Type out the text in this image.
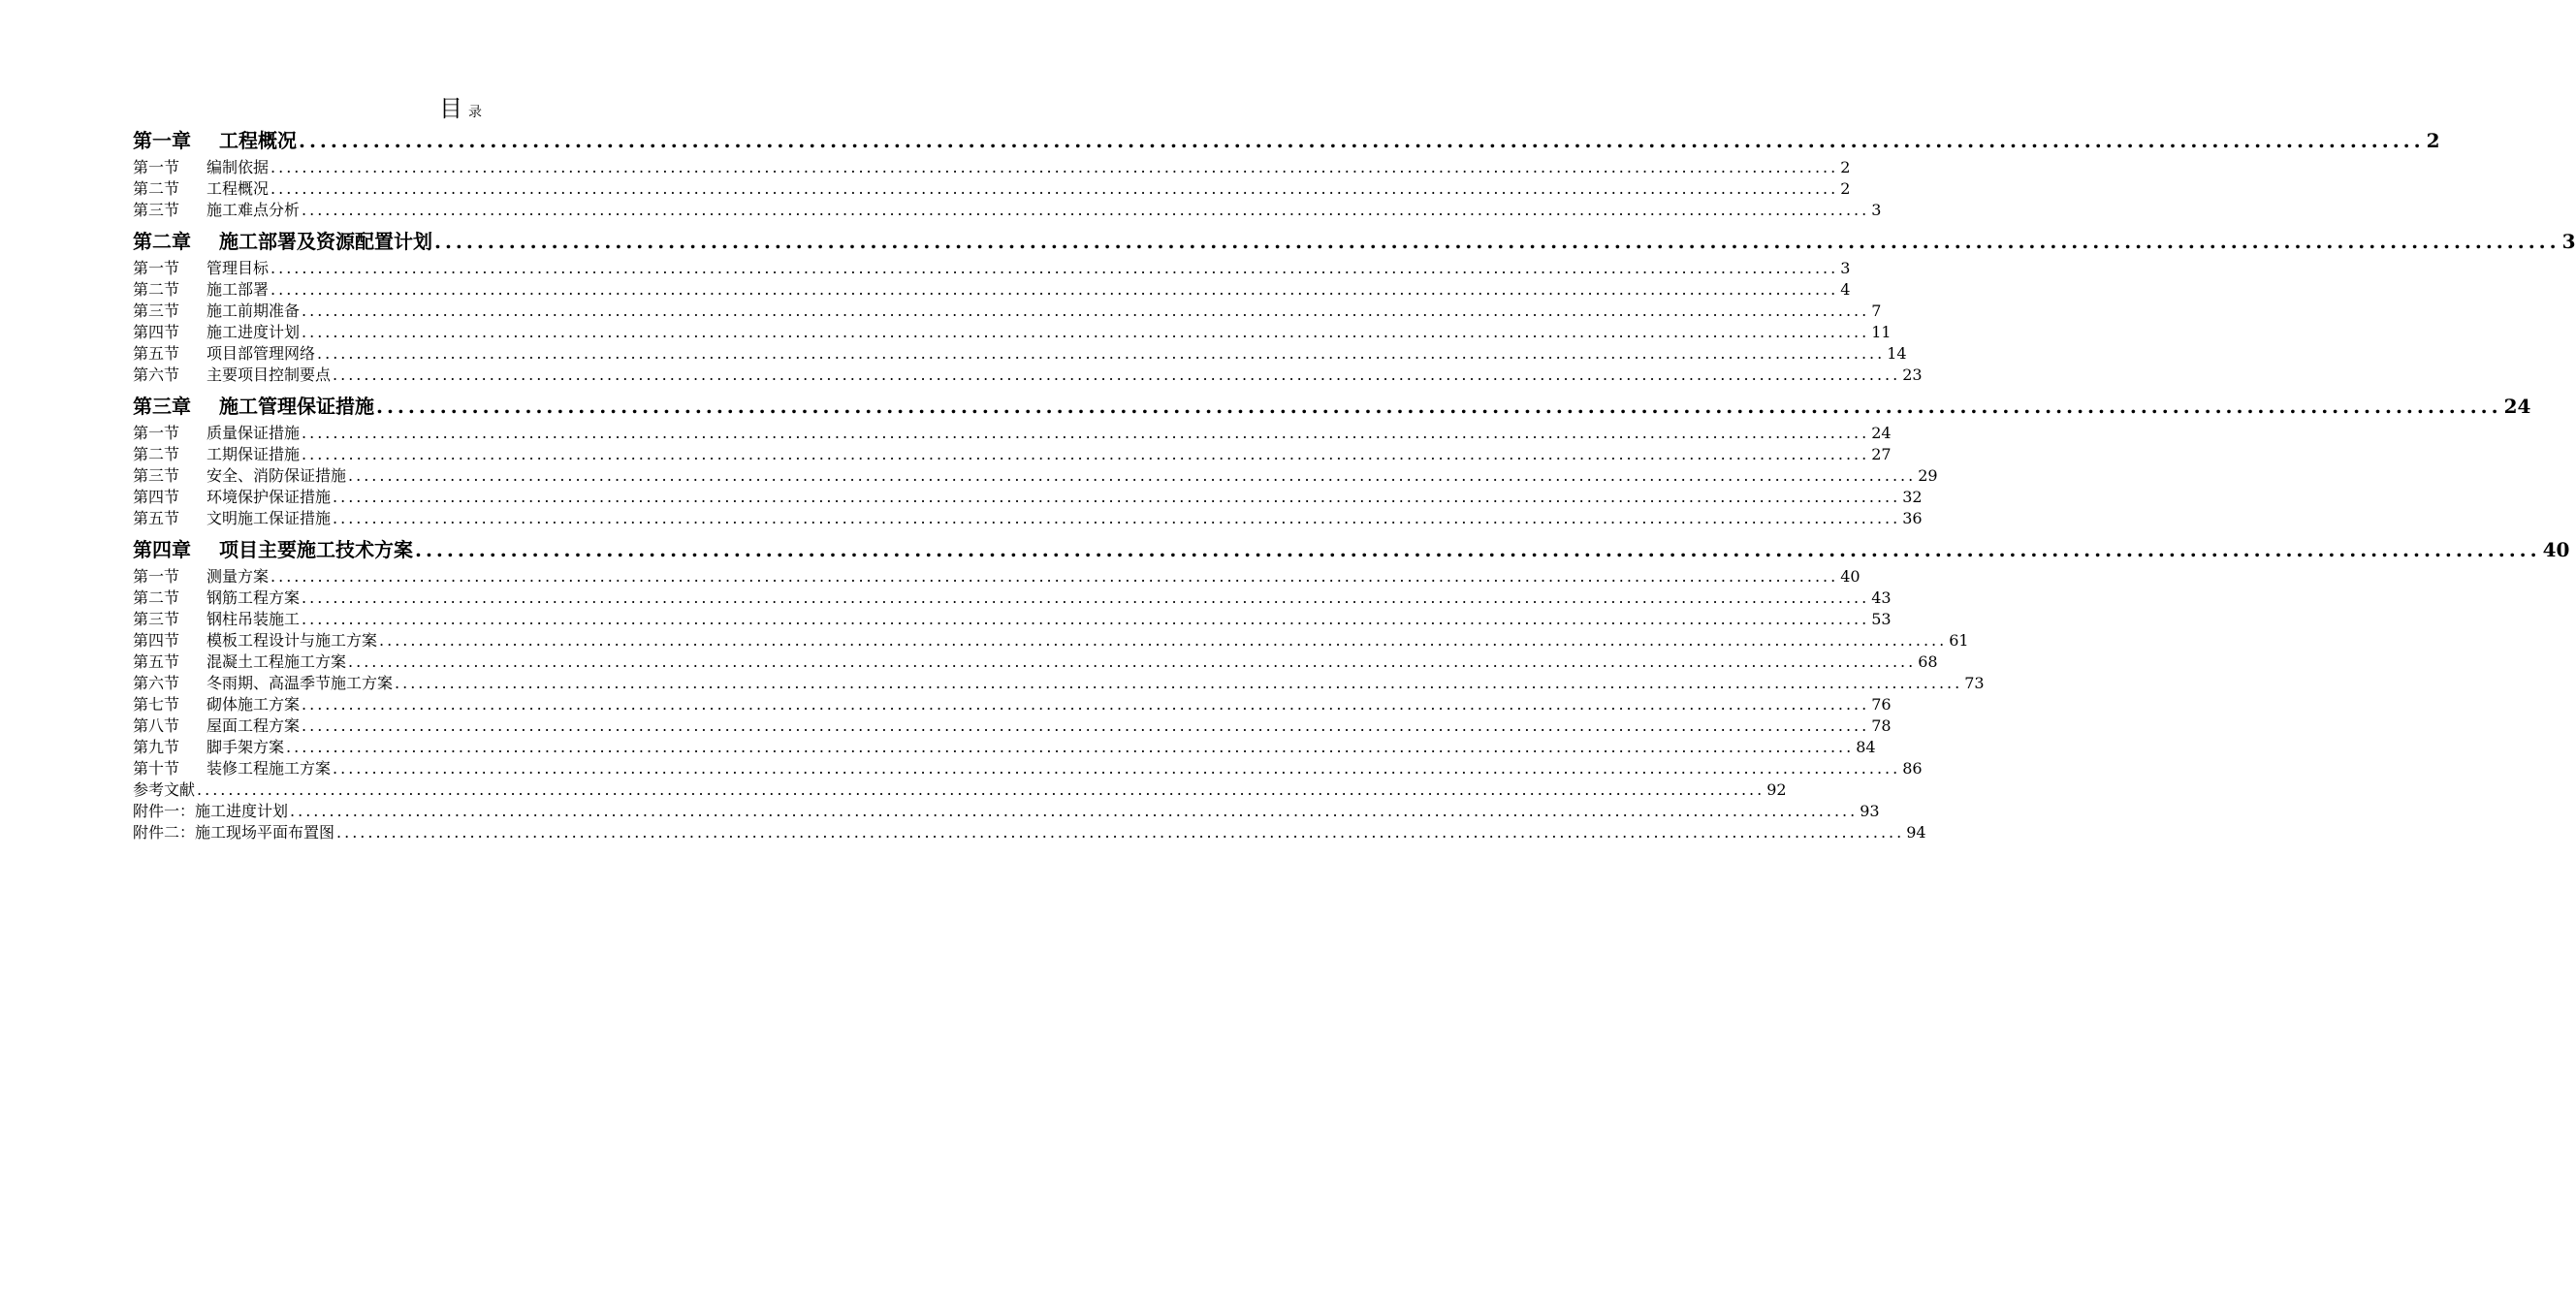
目录
第一章	工程概况 ........................................................................................................................................................................................................ 2
第一节	编制依据 ........................................................................................................................................................................................................ 2
第二节	工程概况 ........................................................................................................................................................................................................ 2
第三节	施工难点分析 ........................................................................................................................................................................................................ 3
第二章	施工部署及资源配置计划 ........................................................................................................................................................................................................ 3
第一节	管理目标 ........................................................................................................................................................................................................ 3
第二节	施工部署 ........................................................................................................................................................................................................ 4
第三节	施工前期准备 ........................................................................................................................................................................................................ 7
第四节	施工进度计划 ........................................................................................................................................................................................................ 11
第五节	项目部管理网络 ........................................................................................................................................................................................................ 14
第六节	主要项目控制要点 ........................................................................................................................................................................................................ 23
第三章	施工管理保证措施 ........................................................................................................................................................................................................ 24
第一节	质量保证措施 ........................................................................................................................................................................................................ 24
第二节	工期保证措施 ........................................................................................................................................................................................................ 27
第三节	安全、消防保证措施 ........................................................................................................................................................................................................ 29
第四节	环境保护保证措施 ........................................................................................................................................................................................................ 32
第五节	文明施工保证措施 ........................................................................................................................................................................................................ 36
第四章	项目主要施工技术方案 ........................................................................................................................................................................................................ 40
第一节	测量方案 ........................................................................................................................................................................................................ 40
第二节	钢筋工程方案 ........................................................................................................................................................................................................ 43
第三节	钢柱吊装施工 ........................................................................................................................................................................................................ 53
第四节	模板工程设计与施工方案 ........................................................................................................................................................................................................ 61
第五节	混凝土工程施工方案 ........................................................................................................................................................................................................ 68
第六节	冬雨期、高温季节施工方案 ........................................................................................................................................................................................................ 73
第七节	砌体施工方案 ........................................................................................................................................................................................................ 76
第八节	屋面工程方案 ........................................................................................................................................................................................................ 78
第九节	脚手架方案 ........................................................................................................................................................................................................ 84
第十节	装修工程施工方案 ........................................................................................................................................................................................................ 86
参考文献 ........................................................................................................................................................................................................ 92
附件一：施工进度计划 ........................................................................................................................................................................................................ 93
附件二：施工现场平面布置图 ........................................................................................................................................................................................................ 94
